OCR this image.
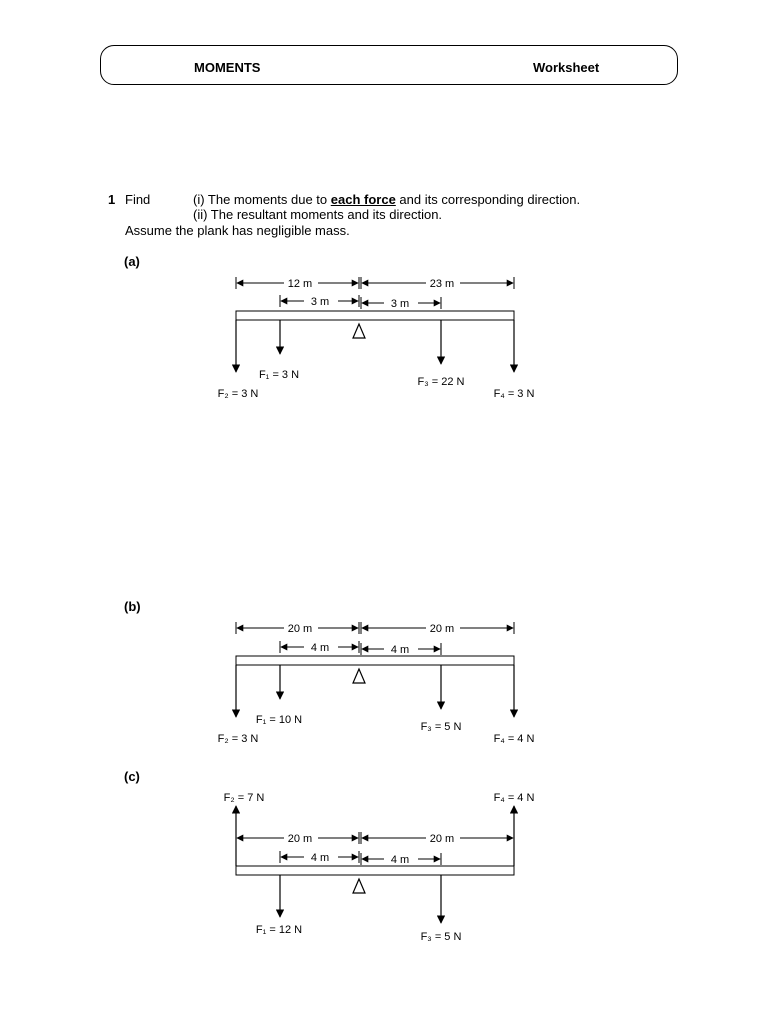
MOMENTS	Worksheet
1 Find	(i) The moments due to each force and its corresponding direction.
(ii) The resultant moments and its direction.
Assume the plank has negligible mass.
(a)
(b)
(c)
12 m	23 m
3 m	3 m
F₁ = 3 N
F₂ = 3 N
F₃ = 22 N
F₄ = 3 N
20 m	20 m
4 m	4 m
F₁ = 10 N
F₂ = 3 N
F₃ = 5 N
F₄ = 4 N
20 m	20 m
4 m	4 m
F₁ = 12 N
F₂ = 7 N
F₃ = 5 N
F₄ = 4 N
